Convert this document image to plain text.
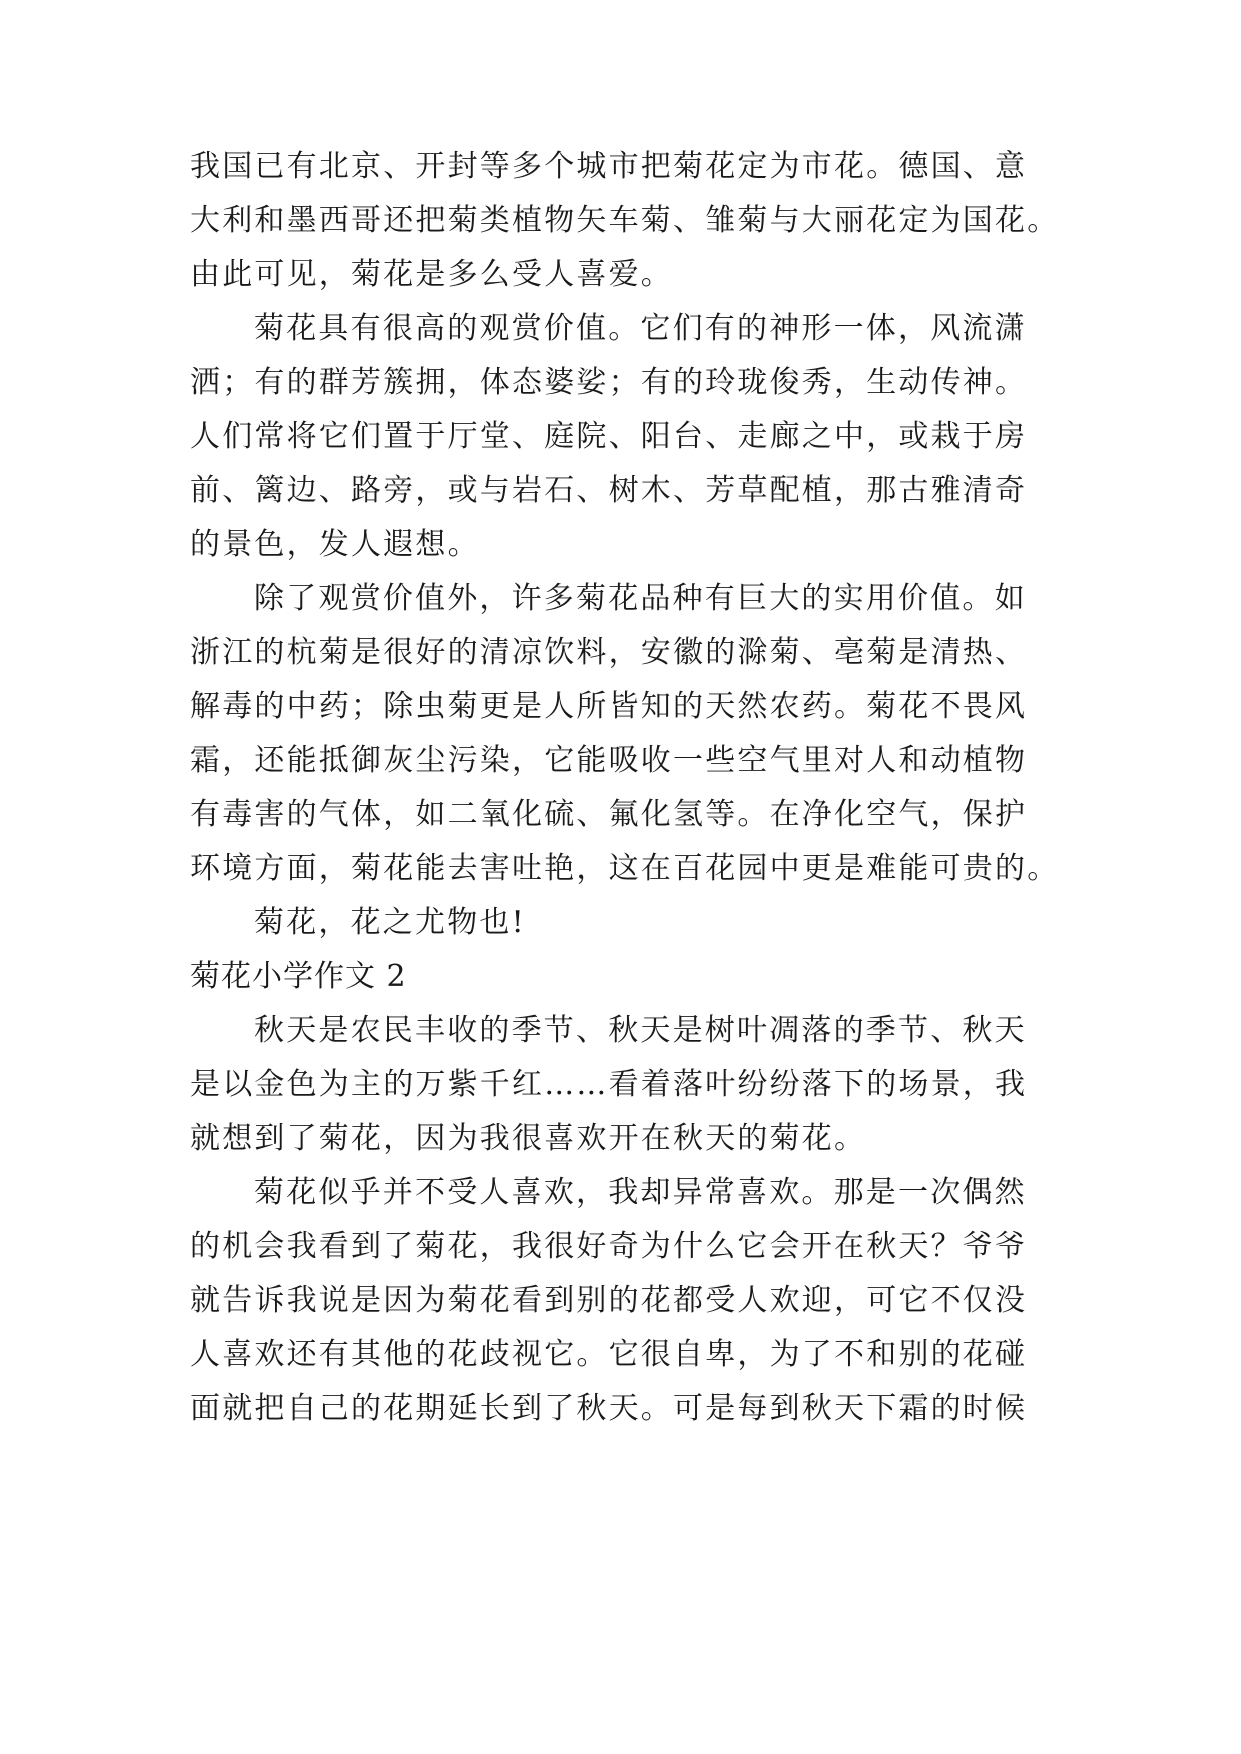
我国已有北京、开封等多个城市把菊花定为市花。德国、意
大利和墨西哥还把菊类植物矢车菊、雏菊与大丽花定为国花。
由此可见，菊花是多么受人喜爱。
菊花具有很高的观赏价值。它们有的神形一体，风流潇
洒；有的群芳簇拥，体态婆娑；有的玲珑俊秀，生动传神。
人们常将它们置于厅堂、庭院、阳台、走廊之中，或栽于房
前、篱边、路旁，或与岩石、树木、芳草配植，那古雅清奇
的景色，发人遐想。
除了观赏价值外，许多菊花品种有巨大的实用价值。如
浙江的杭菊是很好的清凉饮料，安徽的滁菊、亳菊是清热、
解毒的中药；除虫菊更是人所皆知的天然农药。菊花不畏风
霜，还能抵御灰尘污染，它能吸收一些空气里对人和动植物
有毒害的气体，如二氧化硫、氟化氢等。在净化空气，保护
环境方面，菊花能去害吐艳，这在百花园中更是难能可贵的。
菊花，花之尤物也!
菊花小学作文 2
秋天是农民丰收的季节、秋天是树叶凋落的季节、秋天
是以金色为主的万紫千红……看着落叶纷纷落下的场景，我
就想到了菊花，因为我很喜欢开在秋天的菊花。
菊花似乎并不受人喜欢，我却异常喜欢。那是一次偶然
的机会我看到了菊花，我很好奇为什么它会开在秋天？爷爷
就告诉我说是因为菊花看到别的花都受人欢迎，可它不仅没
人喜欢还有其他的花歧视它。它很自卑，为了不和别的花碰
面就把自己的花期延长到了秋天。可是每到秋天下霜的时候
